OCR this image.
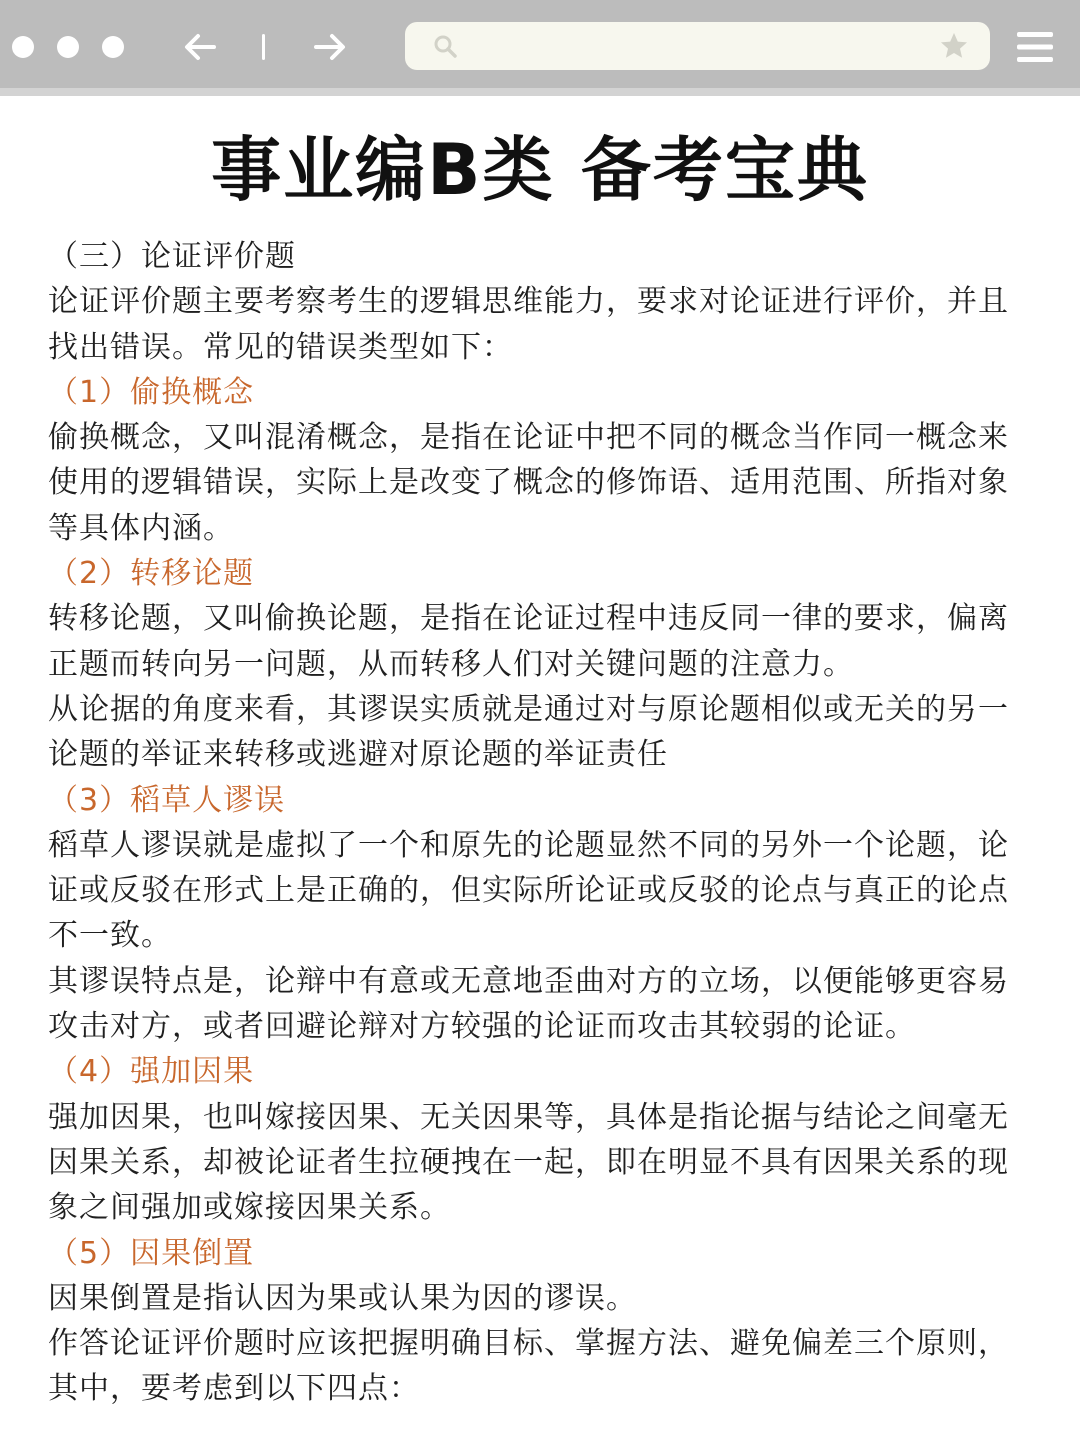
事业编B类 备考宝典

（三）论证评价题

论证评价题主要考察考生的逻辑思维能力，要求对论证进行评价，并且找出错误。常见的错误类型如下：

（1）偷换概念

偷换概念，又叫混淆概念，是指在论证中把不同的概念当作同一概念来使用的逻辑错误，实际上是改变了概念的修饰语、适用范围、所指对象等具体内涵。

（2）转移论题

转移论题，又叫偷换论题，是指在论证过程中违反同一律的要求，偏离正题而转向另一问题，从而转移人们对关键问题的注意力。

从论据的角度来看，其谬误实质就是通过对与原论题相似或无关的另一论题的举证来转移或逃避对原论题的举证责任

（3）稻草人谬误

稻草人谬误就是虚拟了一个和原先的论题显然不同的另外一个论题，论证或反驳在形式上是正确的，但实际所论证或反驳的论点与真正的论点不一致。

其谬误特点是，论辩中有意或无意地歪曲对方的立场，以便能够更容易攻击对方，或者回避论辩对方较强的论证而攻击其较弱的论证。

（4）强加因果

强加因果，也叫嫁接因果、无关因果等，具体是指论据与结论之间毫无因果关系，却被论证者生拉硬拽在一起，即在明显不具有因果关系的现象之间强加或嫁接因果关系。

（5）因果倒置

因果倒置是指认因为果或认果为因的谬误。

作答论证评价题时应该把握明确目标、掌握方法、避免偏差三个原则，其中，要考虑到以下四点：
